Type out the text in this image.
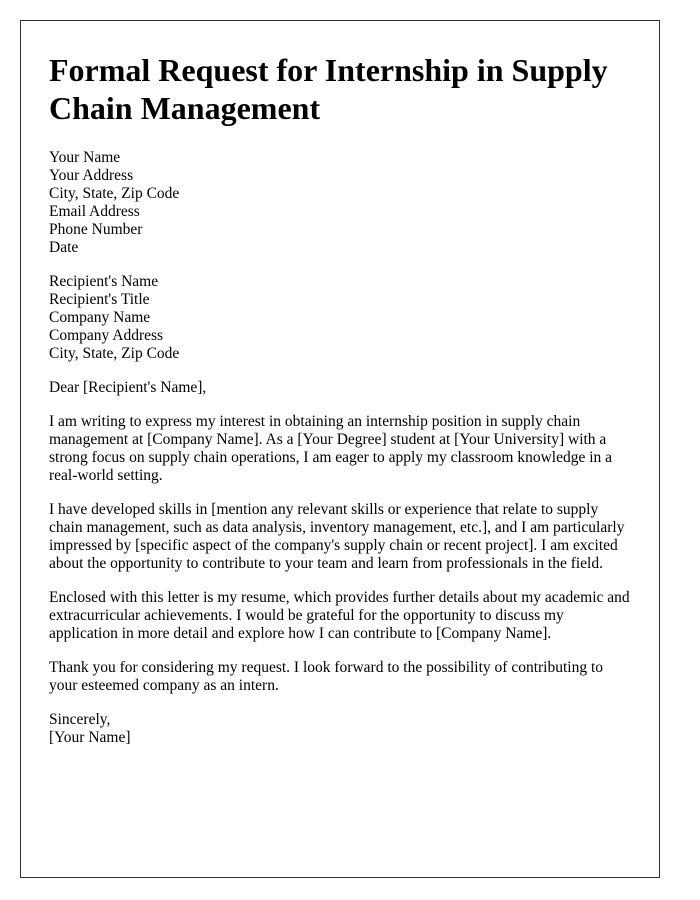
Formal Request for Internship in Supply Chain Management
Your Name
Your Address
City, State, Zip Code
Email Address
Phone Number
Date
Recipient's Name
Recipient's Title
Company Name
Company Address
City, State, Zip Code

Dear [Recipient's Name],

I am writing to express my interest in obtaining an internship position in supply chain management at [Company Name]. As a [Your Degree] student at [Your University] with a strong focus on supply chain operations, I am eager to apply my classroom knowledge in a real-world setting.

I have developed skills in [mention any relevant skills or experience that relate to supply chain management, such as data analysis, inventory management, etc.], and I am particularly impressed by [specific aspect of the company's supply chain or recent project]. I am excited about the opportunity to contribute to your team and learn from professionals in the field.

Enclosed with this letter is my resume, which provides further details about my academic and extracurricular achievements. I would be grateful for the opportunity to discuss my application in more detail and explore how I can contribute to [Company Name].

Thank you for considering my request. I look forward to the possibility of contributing to your esteemed company as an intern.

Sincerely,
[Your Name]
